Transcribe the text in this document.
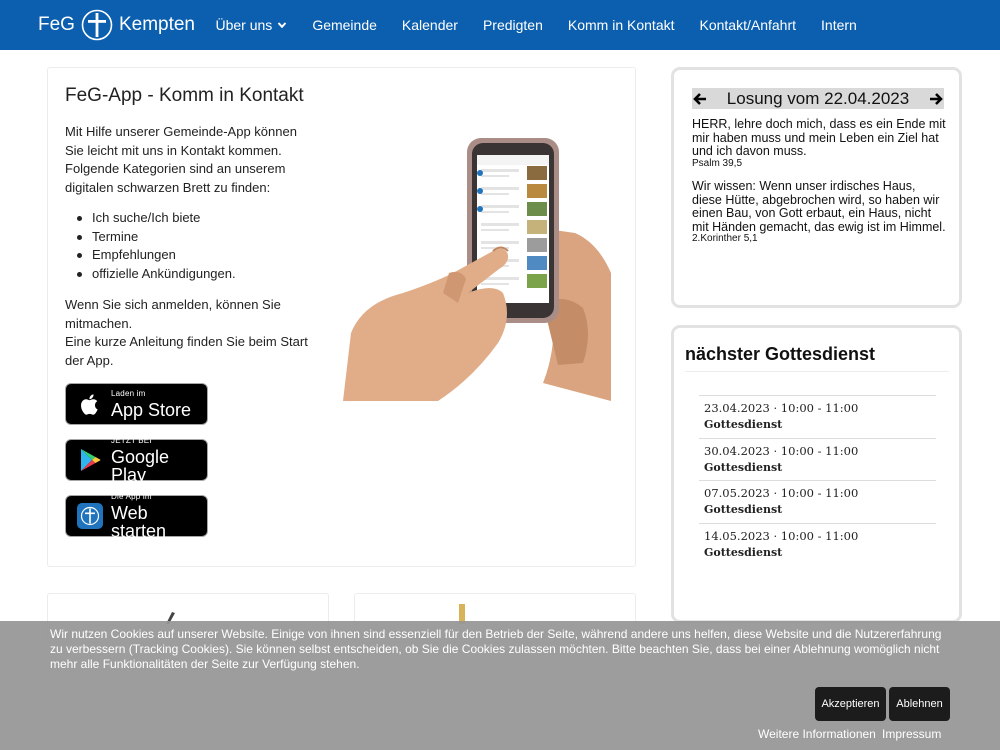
FeG Kempten Über uns	Gemeinde Kalender Predigten Komm in Kontakt Kontakt/Anfahrt Intern
FeG-App - Komm in Kontakt

Mit Hilfe unserer Gemeinde-App können Sie leicht mit uns in Kontakt kommen. Folgende Kategorien sind an unserem digitalen schwarzen Brett zu finden:

Ich suche/Ich biete
Termine
Empfehlungen
offizielle Ankündigungen.
Wenn Sie sich anmelden, können Sie mitmachen.
Eine kurze Anleitung finden Sie beim Start der App.
Laden im
App Store
JETZT BEI
Google Play
Die App im
Web starten
Losung vom 22.04.2023
HERR, lehre doch mich, dass es ein Ende mit mir haben muss und mein Leben ein Ziel hat und ich davon muss.
Psalm 39,5
Wir wissen: Wenn unser irdisches Haus, diese Hütte, abgebrochen wird, so haben wir einen Bau, von Gott erbaut, ein Haus, nicht mit Händen gemacht, das ewig ist im Himmel.
2.Korinther 5,1
nächster Gottesdienst
23.04.2023 · 10:00 - 11:00
Gottesdienst
30.04.2023 · 10:00 - 11:00
Gottesdienst
07.05.2023 · 10:00 - 11:00
Gottesdienst
14.05.2023 · 10:00 - 11:00
Gottesdienst

Wir nutzen Cookies auf unserer Website. Einige von ihnen sind essenziell für den Betrieb der Seite, während andere uns helfen, diese Website und die Nutzererfahrung zu verbessern (Tracking Cookies). Sie können selbst entscheiden, ob Sie die Cookies zulassen möchten. Bitte beachten Sie, dass bei einer Ablehnung womöglich nicht mehr alle Funktionalitäten der Seite zur Verfügung stehen.

Akzeptieren	Ablehnen
Weitere Informationen Impressum
